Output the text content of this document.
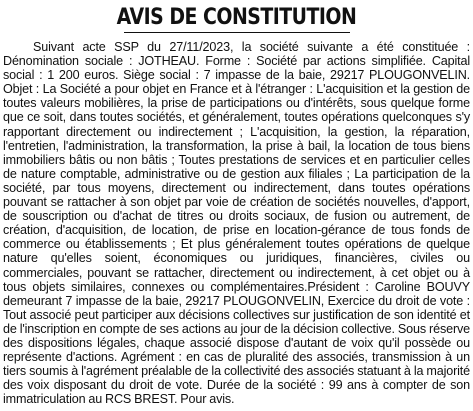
AVIS DE CONSTITUTION

Suivant acte SSP du 27/11/2023, la société suivante a été constituée : Dénomination sociale : JOTHEAU. Forme : Société par actions simplifiée. Capital social : 1 200 euros. Siège social : 7 impasse de la baie, 29217 PLOUGONVELIN. Objet : La Société a pour objet en France et à l'étranger : L'acquisition et la gestion de toutes valeurs mobilières, la prise de participations ou d'intérêts, sous quelque forme que ce soit, dans toutes sociétés, et généralement, toutes opérations quelconques s'y rapportant directement ou indirectement ; L'acquisition, la gestion, la réparation, l'entretien, l'administration, la transformation, la prise à bail, la location de tous biens immobiliers bâtis ou non bâtis ; Toutes prestations de services et en particulier celles de nature comptable, administrative ou de gestion aux filiales ; La participation de la société, par tous moyens, directement ou indirectement, dans toutes opérations pouvant se rattacher à son objet par voie de création de sociétés nouvelles, d'apport, de souscription ou d'achat de titres ou droits sociaux, de fusion ou autrement, de création, d'acquisition, de location, de prise en location-gérance de tous fonds de commerce ou établissements ; Et plus généralement toutes opérations de quelque nature qu'elles soient, économiques ou juridiques, financières, civiles ou commerciales, pouvant se rattacher, directement ou indirectement, à cet objet ou à tous objets similaires, connexes ou complémentaires.Président : Caroline BOUVY demeurant 7 impasse de la baie, 29217 PLOUGONVELIN, Exercice du droit de vote : Tout associé peut participer aux décisions collectives sur justification de son identité et de l'inscription en compte de ses actions au jour de la décision collective. Sous réserve des dispositions légales, chaque associé dispose d'autant de voix qu'il possède ou représente d'actions. Agrément : en cas de pluralité des associés, transmission à un tiers soumis à l'agrément préalable de la collectivité des associés statuant à la majorité des voix disposant du droit de vote. Durée de la société : 99 ans à compter de son immatriculation au RCS BREST. Pour avis.
